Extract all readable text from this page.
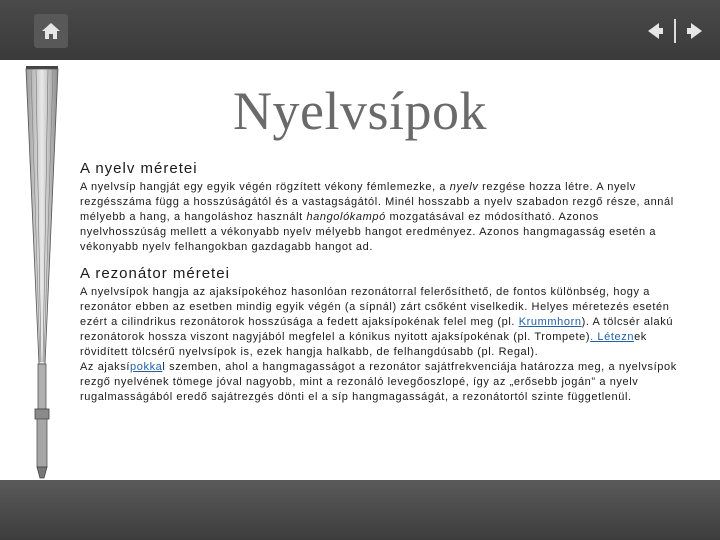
Nyelvsípok
A nyelv méretei

A nyelvsíp hangját egy egyik végén rögzített vékony fémlemezke, a nyelv rezgése hozza létre. A nyelv rezgésszáma függ a hosszúságától és a vastagságától. Minél hosszabb a nyelv szabadon rezgő része, annál mélyebb a hang, a hangoláshoz használt hangolókampó mozgatásával ez módosítható. Azonos nyelvhosszúság mellett a vékonyabb nyelv mélyebb hangot eredményez. Azonos hangmagasság esetén a vékonyabb nyelv felhangokban gazdagabb hangot ad.

A rezonátor méretei

A nyelvsípok hangja az ajaksípokéhoz hasonlóan rezonátorral felerősíthető, de fontos különbség, hogy a rezonátor ebben az esetben mindig egyik végén (a sípnál) zárt csőként viselkedik. Helyes méretezés esetén ezért a cilindrikus rezonátorok hosszúsága a fedett ajaksípokénak felel meg (pl. Krummhorn). A tölcsér alakú rezonátorok hossza viszont nagyjából megfelel a kónikus nyitott ajaksípokénak (pl. Trompete). Léteznek rövidített tölcsérű nyelvsípok is, ezek hangja halkabb, de felhangdúsabb (pl. Regal).

Az ajaksípokkal szemben, ahol a hangmagasságot a rezonátor sajátfrekvenciája határozza meg, a nyelvsípok rezgő nyelvének tömege jóval nagyobb, mint a rezonáló levegőoszlopé, így az „erősebb jogán” a nyelv rugalmasságából eredő sajátrezgés dönti el a síp hangmagasságát, a rezonátortól szinte függetlenül.
